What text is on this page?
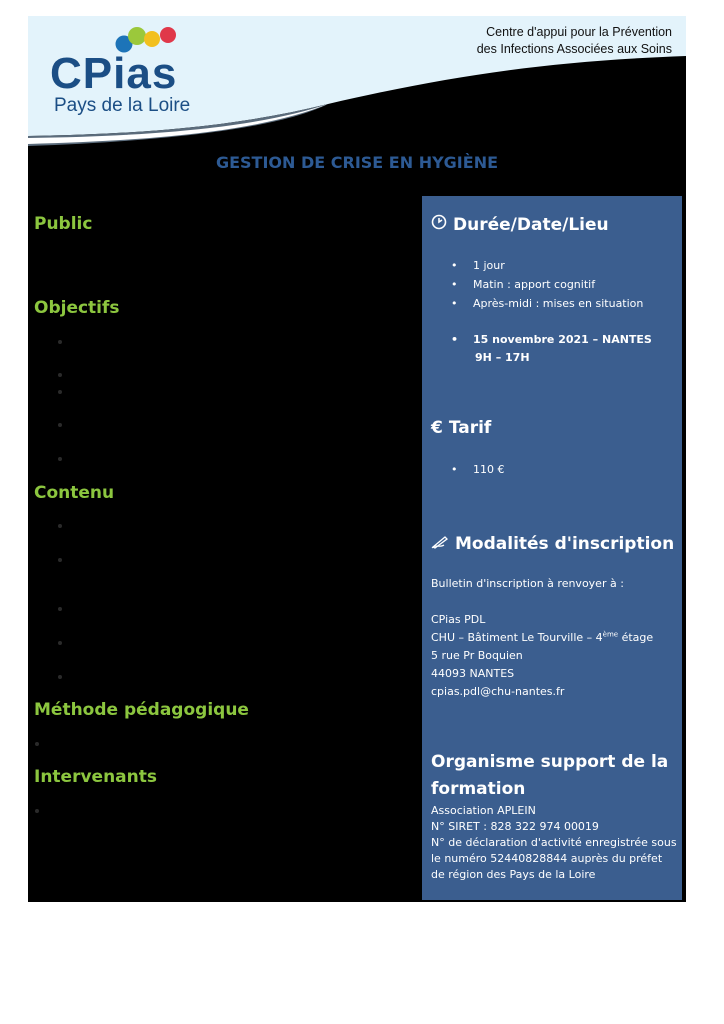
CPias
Pays de la Loire
Centre d'appui pour la Prévention
des Infections Associées aux Soins
GESTION DE CRISE EN HYGIÈNE
Public
Objectifs
Contenu
Méthode pédagogique
Intervenants
Durée/Date/Lieu
• 1 jour
• Matin : apport cognitif
• Après-midi : mises en situation
• 15 novembre 2021 – NANTES
9H – 17H
€ Tarif
• 110 €
Modalités d'inscription
Bulletin d'inscription à renvoyer à :
CPias PDL
CHU – Bâtiment Le Tourville – 4ème étage
5 rue Pr Boquien
44093 NANTES
cpias.pdl@chu-nantes.fr
Organisme support de la
formation
Association APLEIN
N° SIRET : 828 322 974 00019
N° de déclaration d'activité enregistrée sous
le numéro 52440828844 auprès du préfet
de région des Pays de la Loire
